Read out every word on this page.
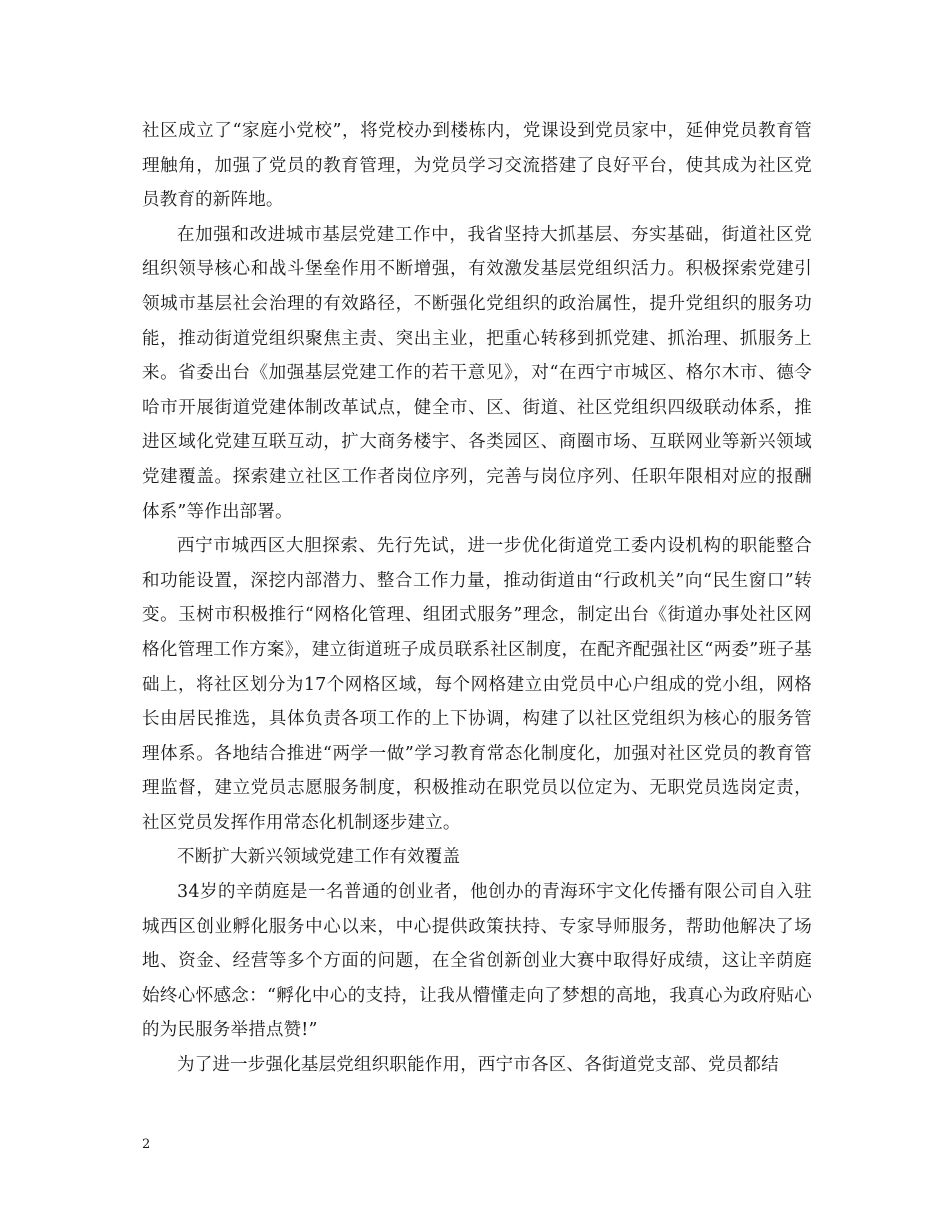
社区成立了“家庭小党校”，将党校办到楼栋内，党课设到党员家中，延伸党员教育管理触角，加强了党员的教育管理，为党员学习交流搭建了良好平台，使其成为社区党员教育的新阵地。

在加强和改进城市基层党建工作中，我省坚持大抓基层、夯实基础，街道社区党组织领导核心和战斗堡垒作用不断增强，有效激发基层党组织活力。积极探索党建引领城市基层社会治理的有效路径，不断强化党组织的政治属性，提升党组织的服务功能，推动街道党组织聚焦主责、突出主业，把重心转移到抓党建、抓治理、抓服务上来。省委出台《加强基层党建工作的若干意见》，对“在西宁市城区、格尔木市、德令哈市开展街道党建体制改革试点，健全市、区、街道、社区党组织四级联动体系，推进区域化党建互联互动，扩大商务楼宇、各类园区、商圈市场、互联网业等新兴领域党建覆盖。探索建立社区工作者岗位序列，完善与岗位序列、任职年限相对应的报酬体系”等作出部署。

西宁市城西区大胆探索、先行先试，进一步优化街道党工委内设机构的职能整合和功能设置，深挖内部潜力、整合工作力量，推动街道由“行政机关”向“民生窗口”转变。玉树市积极推行“网格化管理、组团式服务”理念，制定出台《街道办事处社区网格化管理工作方案》，建立街道班子成员联系社区制度，在配齐配强社区“两委”班子基础上，将社区划分为17个网格区域，每个网格建立由党员中心户组成的党小组，网格长由居民推选，具体负责各项工作的上下协调，构建了以社区党组织为核心的服务管理体系。各地结合推进“两学一做”学习教育常态化制度化，加强对社区党员的教育管理监督，建立党员志愿服务制度，积极推动在职党员以位定为、无职党员选岗定责，社区党员发挥作用常态化机制逐步建立。

不断扩大新兴领域党建工作有效覆盖

34岁的辛荫庭是一名普通的创业者，他创办的青海环宇文化传播有限公司自入驻城西区创业孵化服务中心以来，中心提供政策扶持、专家导师服务，帮助他解决了场地、资金、经营等多个方面的问题，在全省创新创业大赛中取得好成绩，这让辛荫庭始终心怀感念：“孵化中心的支持，让我从懵懂走向了梦想的高地，我真心为政府贴心的为民服务举措点赞!”

为了进一步强化基层党组织职能作用，西宁市各区、各街道党支部、党员都结

2
